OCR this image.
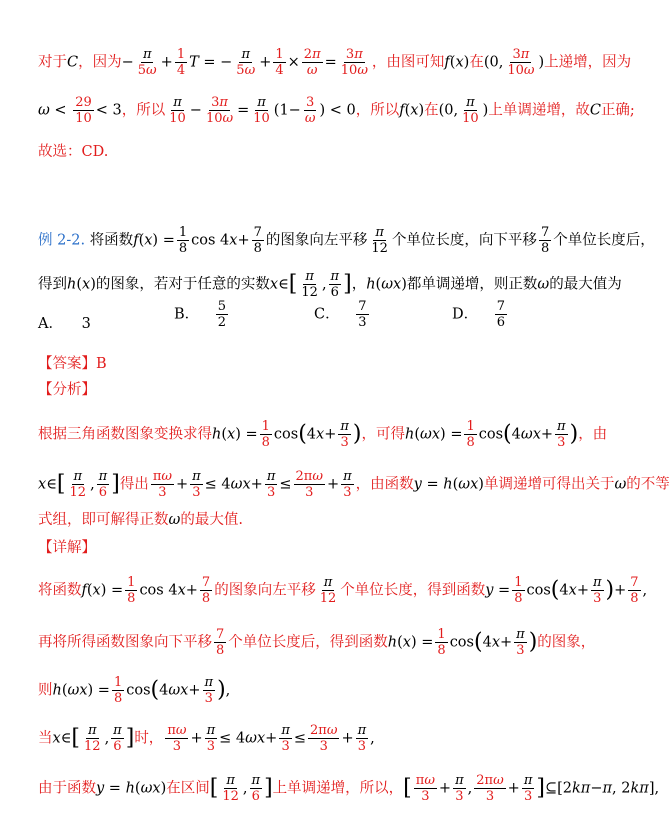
对于C，因为− $\frac{\pi}{5\omega} + \frac{1}{4}$ T = − $\frac{\pi}{5\omega} + \frac{1}{4} \times \frac{2\pi}{\omega} = \frac{3\pi}{10\omega}$ ，由图可知f(x)在(0, $\frac{3\pi}{10\omega}$ )上递增，因为
$\omega < \frac{29}{10} < 3$，所以 $\frac{\pi}{10} - \frac{3\pi}{10\omega} = \frac{\pi}{10} (1- \frac{3}{\omega}$ ) < 0，所以f(x)在(0, $\frac{\pi}{10}$ )上单调递增，故C正确;
故选：CD.
例 2-2. 将函数$f(x) = \frac{1}{8}$ $\cos 4x+ \frac{7}{8}$ 的图象向左平移 $\frac{\pi}{12}$ 个单位长度，向下平移 $\frac{7}{8}$ 个单位长度后，
得到h(x)的图象，若对于任意的实数x∈[ $\frac{\pi}{12}$ , $\frac{\pi}{6}$ ]，h(ωx)都单调递增，则正数ω的最大值为
A． 3
B． $\frac{5}{2}$	C． $\frac{7}{3}$	D． $\frac{7}{6}$
【答案】B
【分析】
根据三角函数图象变换求得$h(x) = \frac{1}{8} \cos(4x+ \frac{\pi}{3}$ )，可得$h(\omega x) = \frac{1}{8} \cos(4\omega x+ \frac{\pi}{3}$ )，由
x∈[ $\frac{\pi}{12}$ , $\frac{\pi}{6}$ ]得出 $\frac{\pi\omega}{3} + \frac{\pi}{3} \le 4\omega x+ \frac{\pi}{3} \le \frac{2\pi\omega}{3} + \frac{\pi}{3}$ ，由函数y = h(ωx)单调递增可得出关于ω的不等
式组，即可解得正数ω的最大值.
【详解】
将函数$f(x) = \frac{1}{8}$ $\cos 4x+ \frac{7}{8}$ 的图象向左平移 $\frac{\pi}{12}$ 个单位长度，得到函数$y = \frac{1}{8} \cos(4x+ \frac{\pi}{3}$ )+ $\frac{7}{8}$ ,
再将所得函数图象向下平移 $\frac{7}{8}$ 个单位长度后，得到函数$h(x) = \frac{1}{8} \cos(4x+ \frac{\pi}{3}$ )的图象，
则$h(\omega x) = \frac{1}{8} \cos(4\omega x+ \frac{\pi}{3}$ ),
当x∈[ $\frac{\pi}{12}$ , $\frac{\pi}{6}$ ]时， $\frac{\pi\omega}{3} + \frac{\pi}{3} \le 4\omega x+ \frac{\pi}{3} \le \frac{2\pi\omega}{3} + \frac{\pi}{3}$ ,
由于函数y = h(ωx)在区间[ $\frac{\pi}{12}$ , $\frac{\pi}{6}$ ]上单调递增，所以，[ $\frac{\pi\omega}{3} + \frac{\pi}{3}$ , $\frac{2\pi\omega}{3} + \frac{\pi}{3}$ ]⊆[2kπ−π, 2kπ],
